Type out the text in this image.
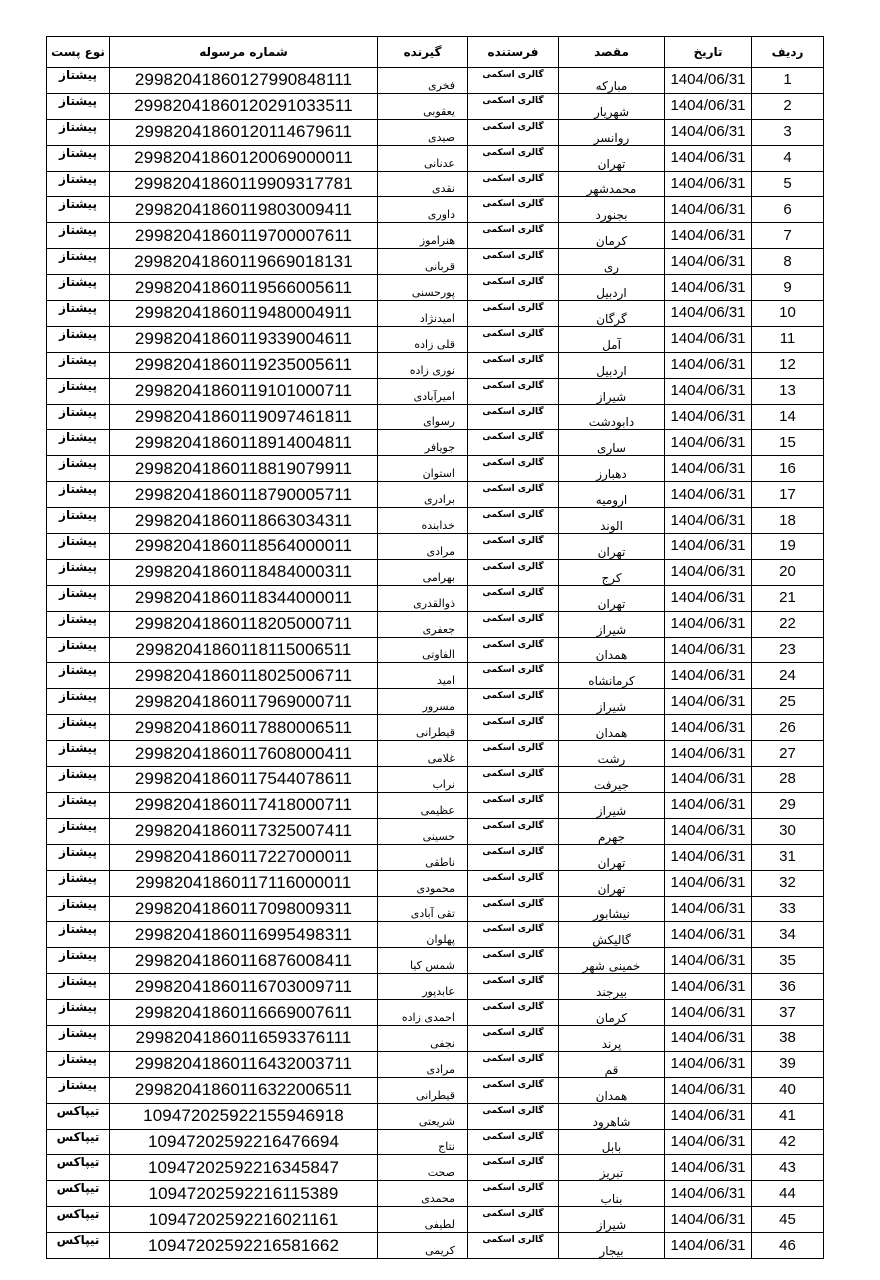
نوع پست	شماره مرسوله	گیرنده	فرستنده	مقصد	تاریخ	ردیف
پیشتاز	29982041860127990848111	فخری	گالری اسکمی	مبارکه	1404/06/31	1
پیشتاز	29982041860120291033511	یعقوبی	گالری اسکمی	شهریار	1404/06/31	2
پیشتاز	29982041860120114679611	صیدی	گالری اسکمی	روانسر	1404/06/31	3
پیشتاز	29982041860120069000011	عدنانی	گالری اسکمی	تهران	1404/06/31	4
پیشتاز	29982041860119909317781	نقدی	گالری اسکمی	محمدشهر	1404/06/31	5
پیشتاز	29982041860119803009411	داوری	گالری اسکمی	بجنورد	1404/06/31	6
پیشتاز	29982041860119700007611	هنراموز	گالری اسکمی	کرمان	1404/06/31	7
پیشتاز	29982041860119669018131	قربانی	گالری اسکمی	ری	1404/06/31	8
پیشتاز	29982041860119566005611	پورحسنی	گالری اسکمی	اردبیل	1404/06/31	9
پیشتاز	29982041860119480004911	امیدنژاد	گالری اسکمی	گرگان	1404/06/31	10
پیشتاز	29982041860119339004611	قلی زاده	گالری اسکمی	آمل	1404/06/31	11
پیشتاز	29982041860119235005611	نوری زاده	گالری اسکمی	اردبیل	1404/06/31	12
پیشتاز	29982041860119101000711	امیرآبادی	گالری اسکمی	شیراز	1404/06/31	13
پیشتاز	29982041860119097461811	رسوای	گالری اسکمی	دابودشت	1404/06/31	14
پیشتاز	29982041860118914004811	جویافر	گالری اسکمی	ساری	1404/06/31	15
پیشتاز	29982041860118819079911	استوان	گالری اسکمی	دهبارز	1404/06/31	16
پیشتاز	29982041860118790005711	برادری	گالری اسکمی	ارومیه	1404/06/31	17
پیشتاز	29982041860118663034311	خدابنده	گالری اسکمی	الوند	1404/06/31	18
پیشتاز	29982041860118564000011	مرادی	گالری اسکمی	تهران	1404/06/31	19
پیشتاز	29982041860118484000311	بهرامی	گالری اسکمی	کرج	1404/06/31	20
پیشتاز	29982041860118344000011	ذوالقدری	گالری اسکمی	تهران	1404/06/31	21
پیشتاز	29982041860118205000711	جعفری	گالری اسکمی	شیراز	1404/06/31	22
پیشتاز	29982041860118115006511	الفاوتی	گالری اسکمی	همدان	1404/06/31	23
پیشتاز	29982041860118025006711	امید	گالری اسکمی	کرمانشاه	1404/06/31	24
پیشتاز	29982041860117969000711	مسرور	گالری اسکمی	شیراز	1404/06/31	25
پیشتاز	29982041860117880006511	قیطرانی	گالری اسکمی	همدان	1404/06/31	26
پیشتاز	29982041860117608000411	غلامی	گالری اسکمی	رشت	1404/06/31	27
پیشتاز	29982041860117544078611	نراب	گالری اسکمی	جیرفت	1404/06/31	28
پیشتاز	29982041860117418000711	عظیمی	گالری اسکمی	شیراز	1404/06/31	29
پیشتاز	29982041860117325007411	حسینی	گالری اسکمی	جهرم	1404/06/31	30
پیشتاز	29982041860117227000011	ناطقی	گالری اسکمی	تهران	1404/06/31	31
پیشتاز	29982041860117116000011	محمودی	گالری اسکمی	تهران	1404/06/31	32
پیشتاز	29982041860117098009311	تقی آبادی	گالری اسکمی	نیشابور	1404/06/31	33
پیشتاز	29982041860116995498311	پهلوان	گالری اسکمی	گالیکش	1404/06/31	34
پیشتاز	29982041860116876008411	شمس کیا	گالری اسکمی	خمینی شهر	1404/06/31	35
پیشتاز	29982041860116703009711	عابدپور	گالری اسکمی	بیرجند	1404/06/31	36
پیشتاز	29982041860116669007611	احمدی زاده	گالری اسکمی	کرمان	1404/06/31	37
پیشتاز	29982041860116593376111	نجفی	گالری اسکمی	پرند	1404/06/31	38
پیشتاز	29982041860116432003711	مرادی	گالری اسکمی	قم	1404/06/31	39
پیشتاز	29982041860116322006511	قیطرانی	گالری اسکمی	همدان	1404/06/31	40
تیپاکس	10947202592215594691‌8	شریعتی	گالری اسکمی	شاهرود	1404/06/31	41
تیپاکس	109472025922164766‌94	نتاج	گالری اسکمی	بابل	1404/06/31	42
تیپاکس	10947202592216345847	صحت	گالری اسکمی	تبریز	1404/06/31	43
تیپاکس	10947202592216115389	محمدی	گالری اسکمی	بناب	1404/06/31	44
تیپاکس	10947202592216021161	لطیفی	گالری اسکمی	شیراز	1404/06/31	45
تیپاکس	10947202592216581662	کریمی	گالری اسکمی	بیجار	1404/06/31	46
